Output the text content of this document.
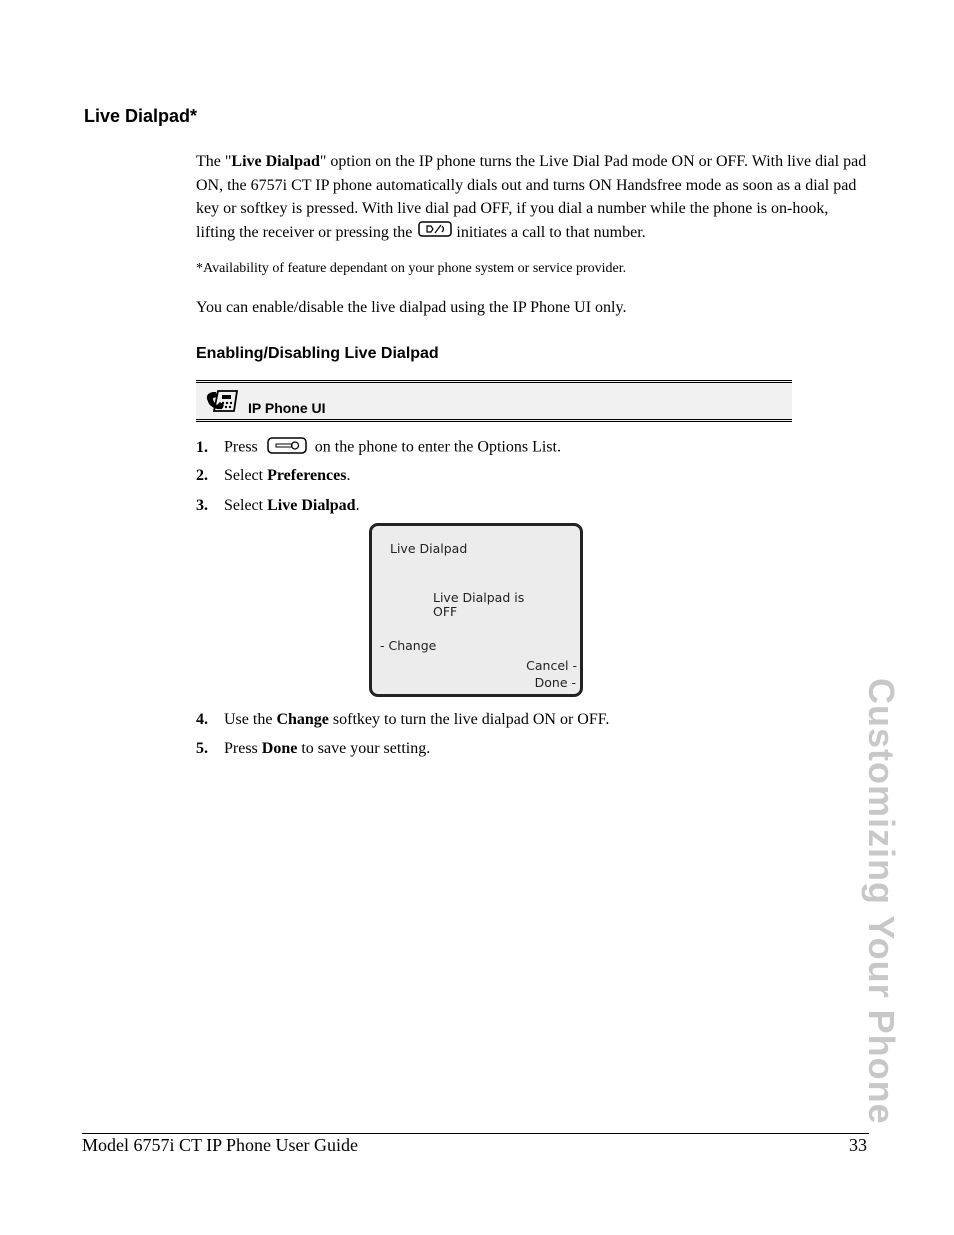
Live Dialpad*
The "Live Dialpad" option on the IP phone turns the Live Dial Pad mode ON or OFF. With live dial pad ON, the 6757i CT IP phone automatically dials out and turns ON Handsfree mode as soon as a dial pad key or softkey is pressed. With live dial pad OFF, if you dial a number while the phone is on-hook, lifting the receiver or pressing the	initiates a call to that number.
*Availability of feature dependant on your phone system or service provider.
You can enable/disable the live dialpad using the IP Phone UI only.
Enabling/Disabling Live Dialpad
IP Phone UI
1. Press	on the phone to enter the Options List.
2. Select Preferences.
3. Select Live Dialpad.
Live Dialpad
Live Dialpad is
OFF
- Change
Cancel -
Done -
4. Use the Change softkey to turn the live dialpad ON or OFF.
5. Press Done to save your setting.	Customizing Your Phone
Model 6757i CT IP Phone User Guide	33
